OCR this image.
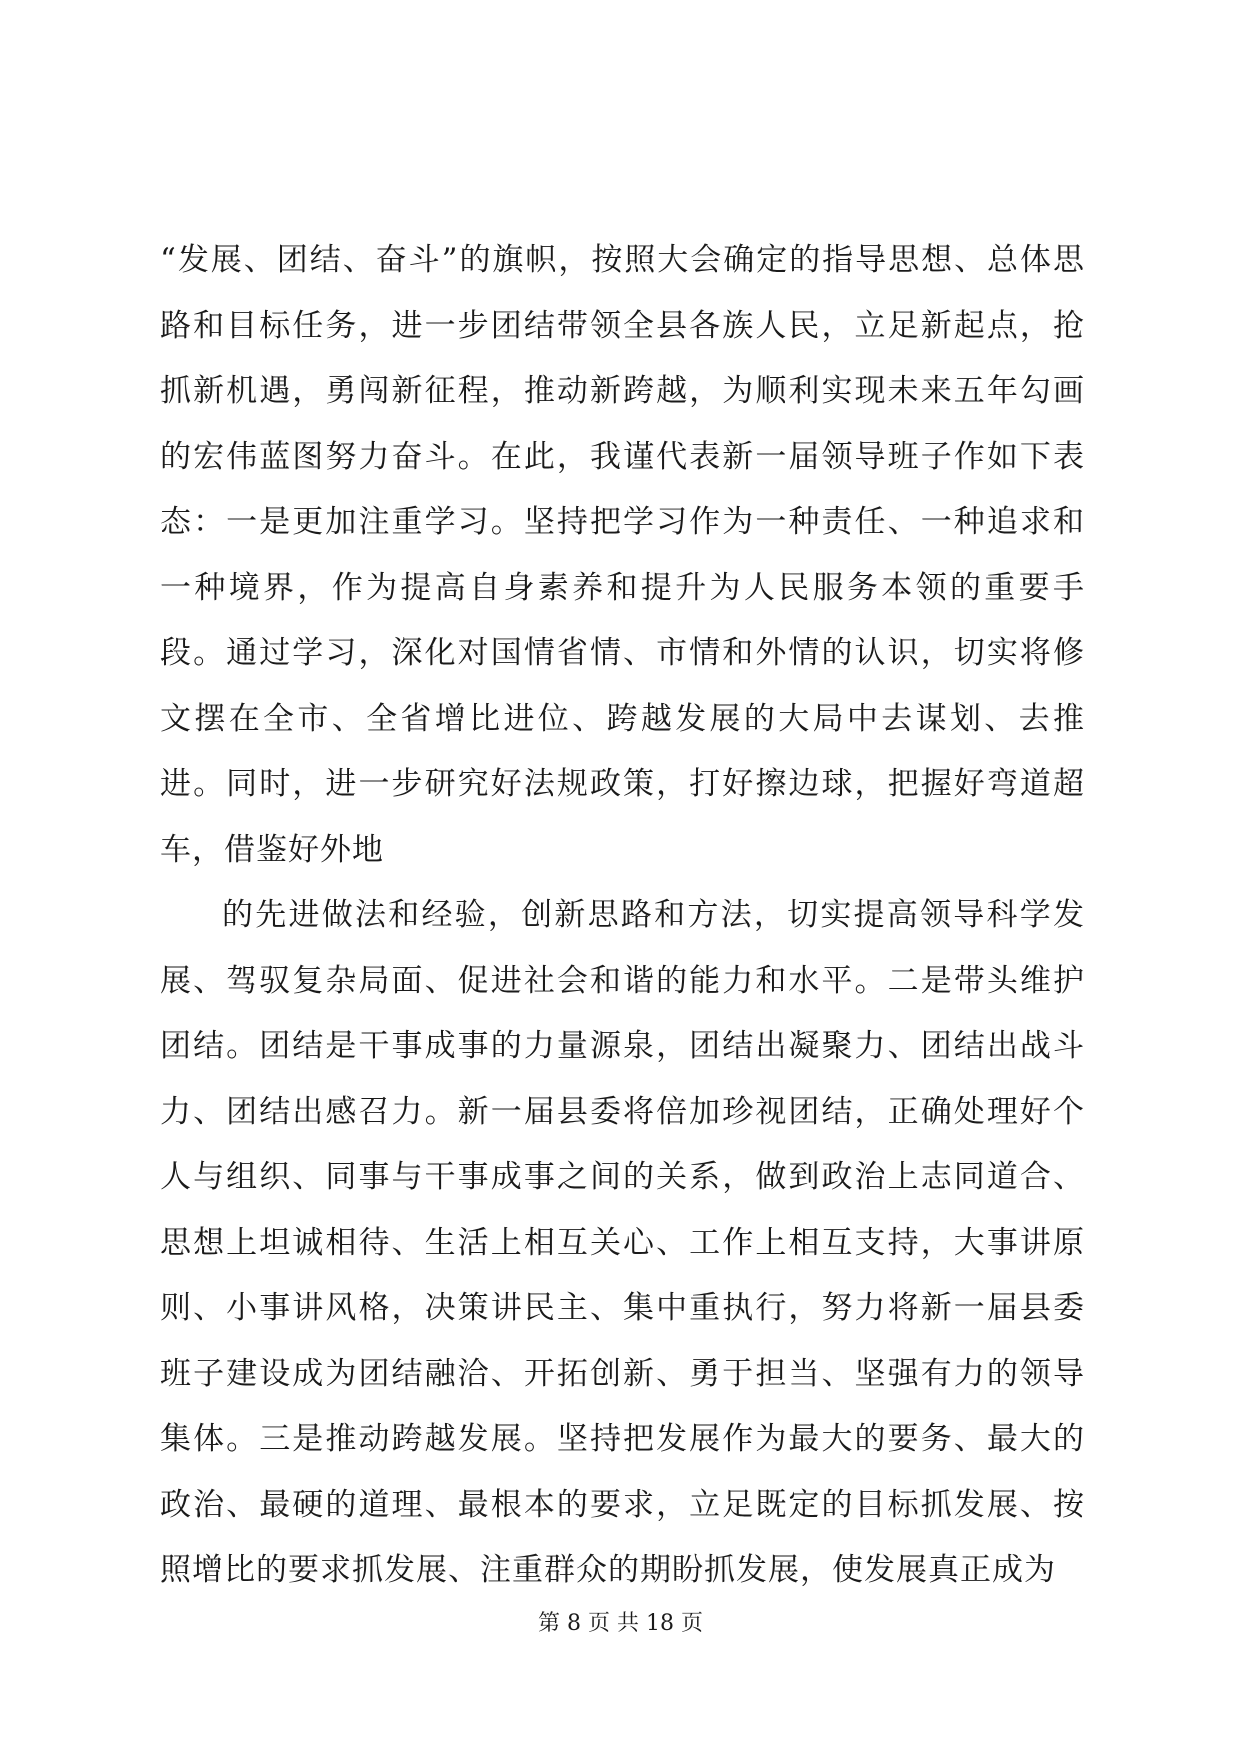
“发展、团结、奋斗”的旗帜，按照大会确定的指导思想、总体思路和目标任务，进一步团结带领全县各族人民，立足新起点，抢抓新机遇，勇闯新征程，推动新跨越，为顺利实现未来五年勾画的宏伟蓝图努力奋斗。在此，我谨代表新一届领导班子作如下表态：一是更加注重学习。坚持把学习作为一种责任、一种追求和一种境界，作为提高自身素养和提升为人民服务本领的重要手段。通过学习，深化对国情省情、市情和外情的认识，切实将修文摆在全市、全省增比进位、跨越发展的大局中去谋划、去推进。同时，进一步研究好法规政策，打好擦边球，把握好弯道超车，借鉴好外地

的先进做法和经验，创新思路和方法，切实提高领导科学发展、驾驭复杂局面、促进社会和谐的能力和水平。二是带头维护团结。团结是干事成事的力量源泉，团结出凝聚力、团结出战斗力、团结出感召力。新一届县委将倍加珍视团结，正确处理好个人与组织、同事与干事成事之间的关系，做到政治上志同道合、思想上坦诚相待、生活上相互关心、工作上相互支持，大事讲原则、小事讲风格，决策讲民主、集中重执行，努力将新一届县委班子建设成为团结融洽、开拓创新、勇于担当、坚强有力的领导集体。三是推动跨越发展。坚持把发展作为最大的要务、最大的政治、最硬的道理、最根本的要求，立足既定的目标抓发展、按照增比的要求抓发展、注重群众的期盼抓发展，使发展真正成为

第 8 页 共 18 页
